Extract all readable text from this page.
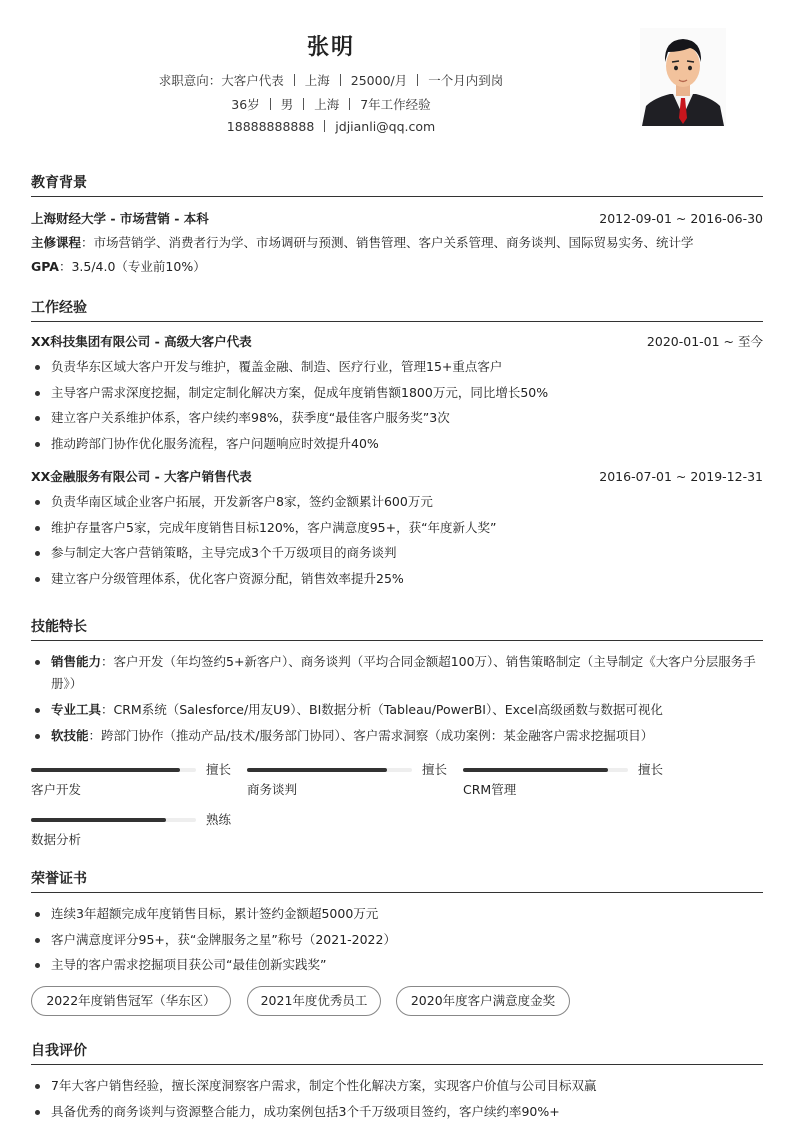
张明
求职意向：大客户代表 上海 25000/月 一个月内到岗
36岁 男 上海 7年工作经验
18888888888 jdjianli@qq.com
教育背景
上海财经大学 - 市场营销 - 本科	2012-09-01 ~ 2016-06-30
主修课程：市场营销学、消费者行为学、市场调研与预测、销售管理、客户关系管理、商务谈判、国际贸易实务、统计学
GPA：3.5/4.0（专业前10%）
工作经验
XX科技集团有限公司 - 高级大客户代表	2020-01-01 ~ 至今
负责华东区域大客户开发与维护，覆盖金融、制造、医疗行业，管理15+重点客户
主导客户需求深度挖掘，制定定制化解决方案，促成年度销售额1800万元，同比增长50%
建立客户关系维护体系，客户续约率98%，获季度“最佳客户服务奖”3次
推动跨部门协作优化服务流程，客户问题响应时效提升40%
XX金融服务有限公司 - 大客户销售代表	2016-07-01 ~ 2019-12-31
负责华南区域企业客户拓展，开发新客户8家，签约金额累计600万元
维护存量客户5家，完成年度销售目标120%，客户满意度95+，获“年度新人奖”
参与制定大客户营销策略，主导完成3个千万级项目的商务谈判
建立客户分级管理体系，优化客户资源分配，销售效率提升25%
技能特长
销售能力：客户开发（年均签约5+新客户）、商务谈判（平均合同金额超100万）、销售策略制定（主导制定《大客户分层服务手册》）
专业工具：CRM系统（Salesforce/用友U9）、BI数据分析（Tableau/PowerBI）、Excel高级函数与数据可视化
软技能：跨部门协作（推动产品/技术/服务部门协同）、客户需求洞察（成功案例：某金融客户需求挖掘项目）
擅长
客户开发
擅长
商务谈判
擅长
CRM管理
熟练
数据分析
荣誉证书
连续3年超额完成年度销售目标，累计签约金额超5000万元
客户满意度评分95+，获“金牌服务之星”称号（2021-2022）
主导的客户需求挖掘项目获公司“最佳创新实践奖”
2022年度销售冠军（华东区）	2021年度优秀员工	2020年度客户满意度金奖
自我评价
7年大客户销售经验，擅长深度洞察客户需求，制定个性化解决方案，实现客户价值与公司目标双赢
具备优秀的商务谈判与资源整合能力，成功案例包括3个千万级项目签约，客户续约率90%+
